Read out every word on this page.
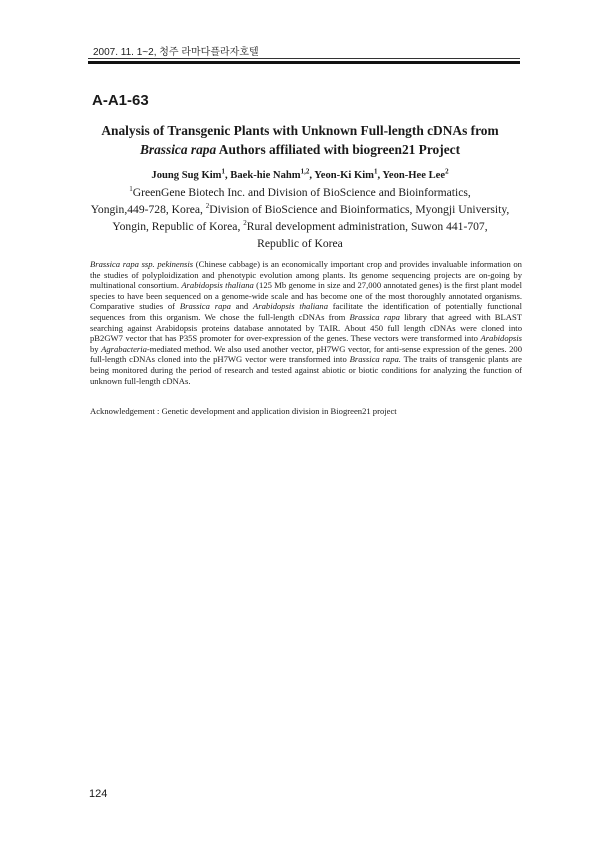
2007. 11. 1~2, 청주 라마다플라자호텔
A-A1-63
Analysis of Transgenic Plants with Unknown Full-length cDNAs from
Brassica rapa Authors affiliated with biogreen21 Project
Joung Sug Kim$^1$, Baek-hie Nahm$^{1,2}$, Yeon-Ki Kim$^1$, Yeon-Hee Lee$^2$
$^1$GreenGene Biotech Inc. and Division of BioScience and Bioinformatics,
Yongin,449-728, Korea, $^2$Division of BioScience and Bioinformatics, Myongji University,
Yongin, Republic of Korea, $^2$Rural development administration, Suwon 441-707,
Republic of Korea

Brassica rapa ssp. pekinensis (Chinese cabbage) is an economically important crop and provides invaluable information on the studies of polyploidization and phenotypic evolution among plants. Its genome sequencing projects are on-going by multinational consortium. Arabidopsis thaliana (125 Mb genome in size and 27,000 annotated genes) is the first plant model species to have been sequenced on a genome-wide scale and has become one of the most thoroughly annotated organisms. Comparative studies of Brassica rapa and Arabidopsis thaliana facilitate the identification of potentially functional sequences from this organism. We chose the full-length cDNAs from Brassica rapa library that agreed with BLAST searching against Arabidopsis proteins database annotated by TAIR. About 450 full length cDNAs were cloned into pB2GW7 vector that has P35S promoter for over-expression of the genes. These vectors were transformed into Arabidopsis by Agrabacteria-mediated method. We also used another vector, pH7WG vector, for anti-sense expression of the genes. 200 full-length cDNAs cloned into the pH7WG vector were transformed into Brassica rapa. The traits of transgenic plants are being monitored during the period of research and tested against abiotic or biotic conditions for analyzing the function of unknown full-length cDNAs.

Acknowledgement : Genetic development and application division in Biogreen21 project
124
